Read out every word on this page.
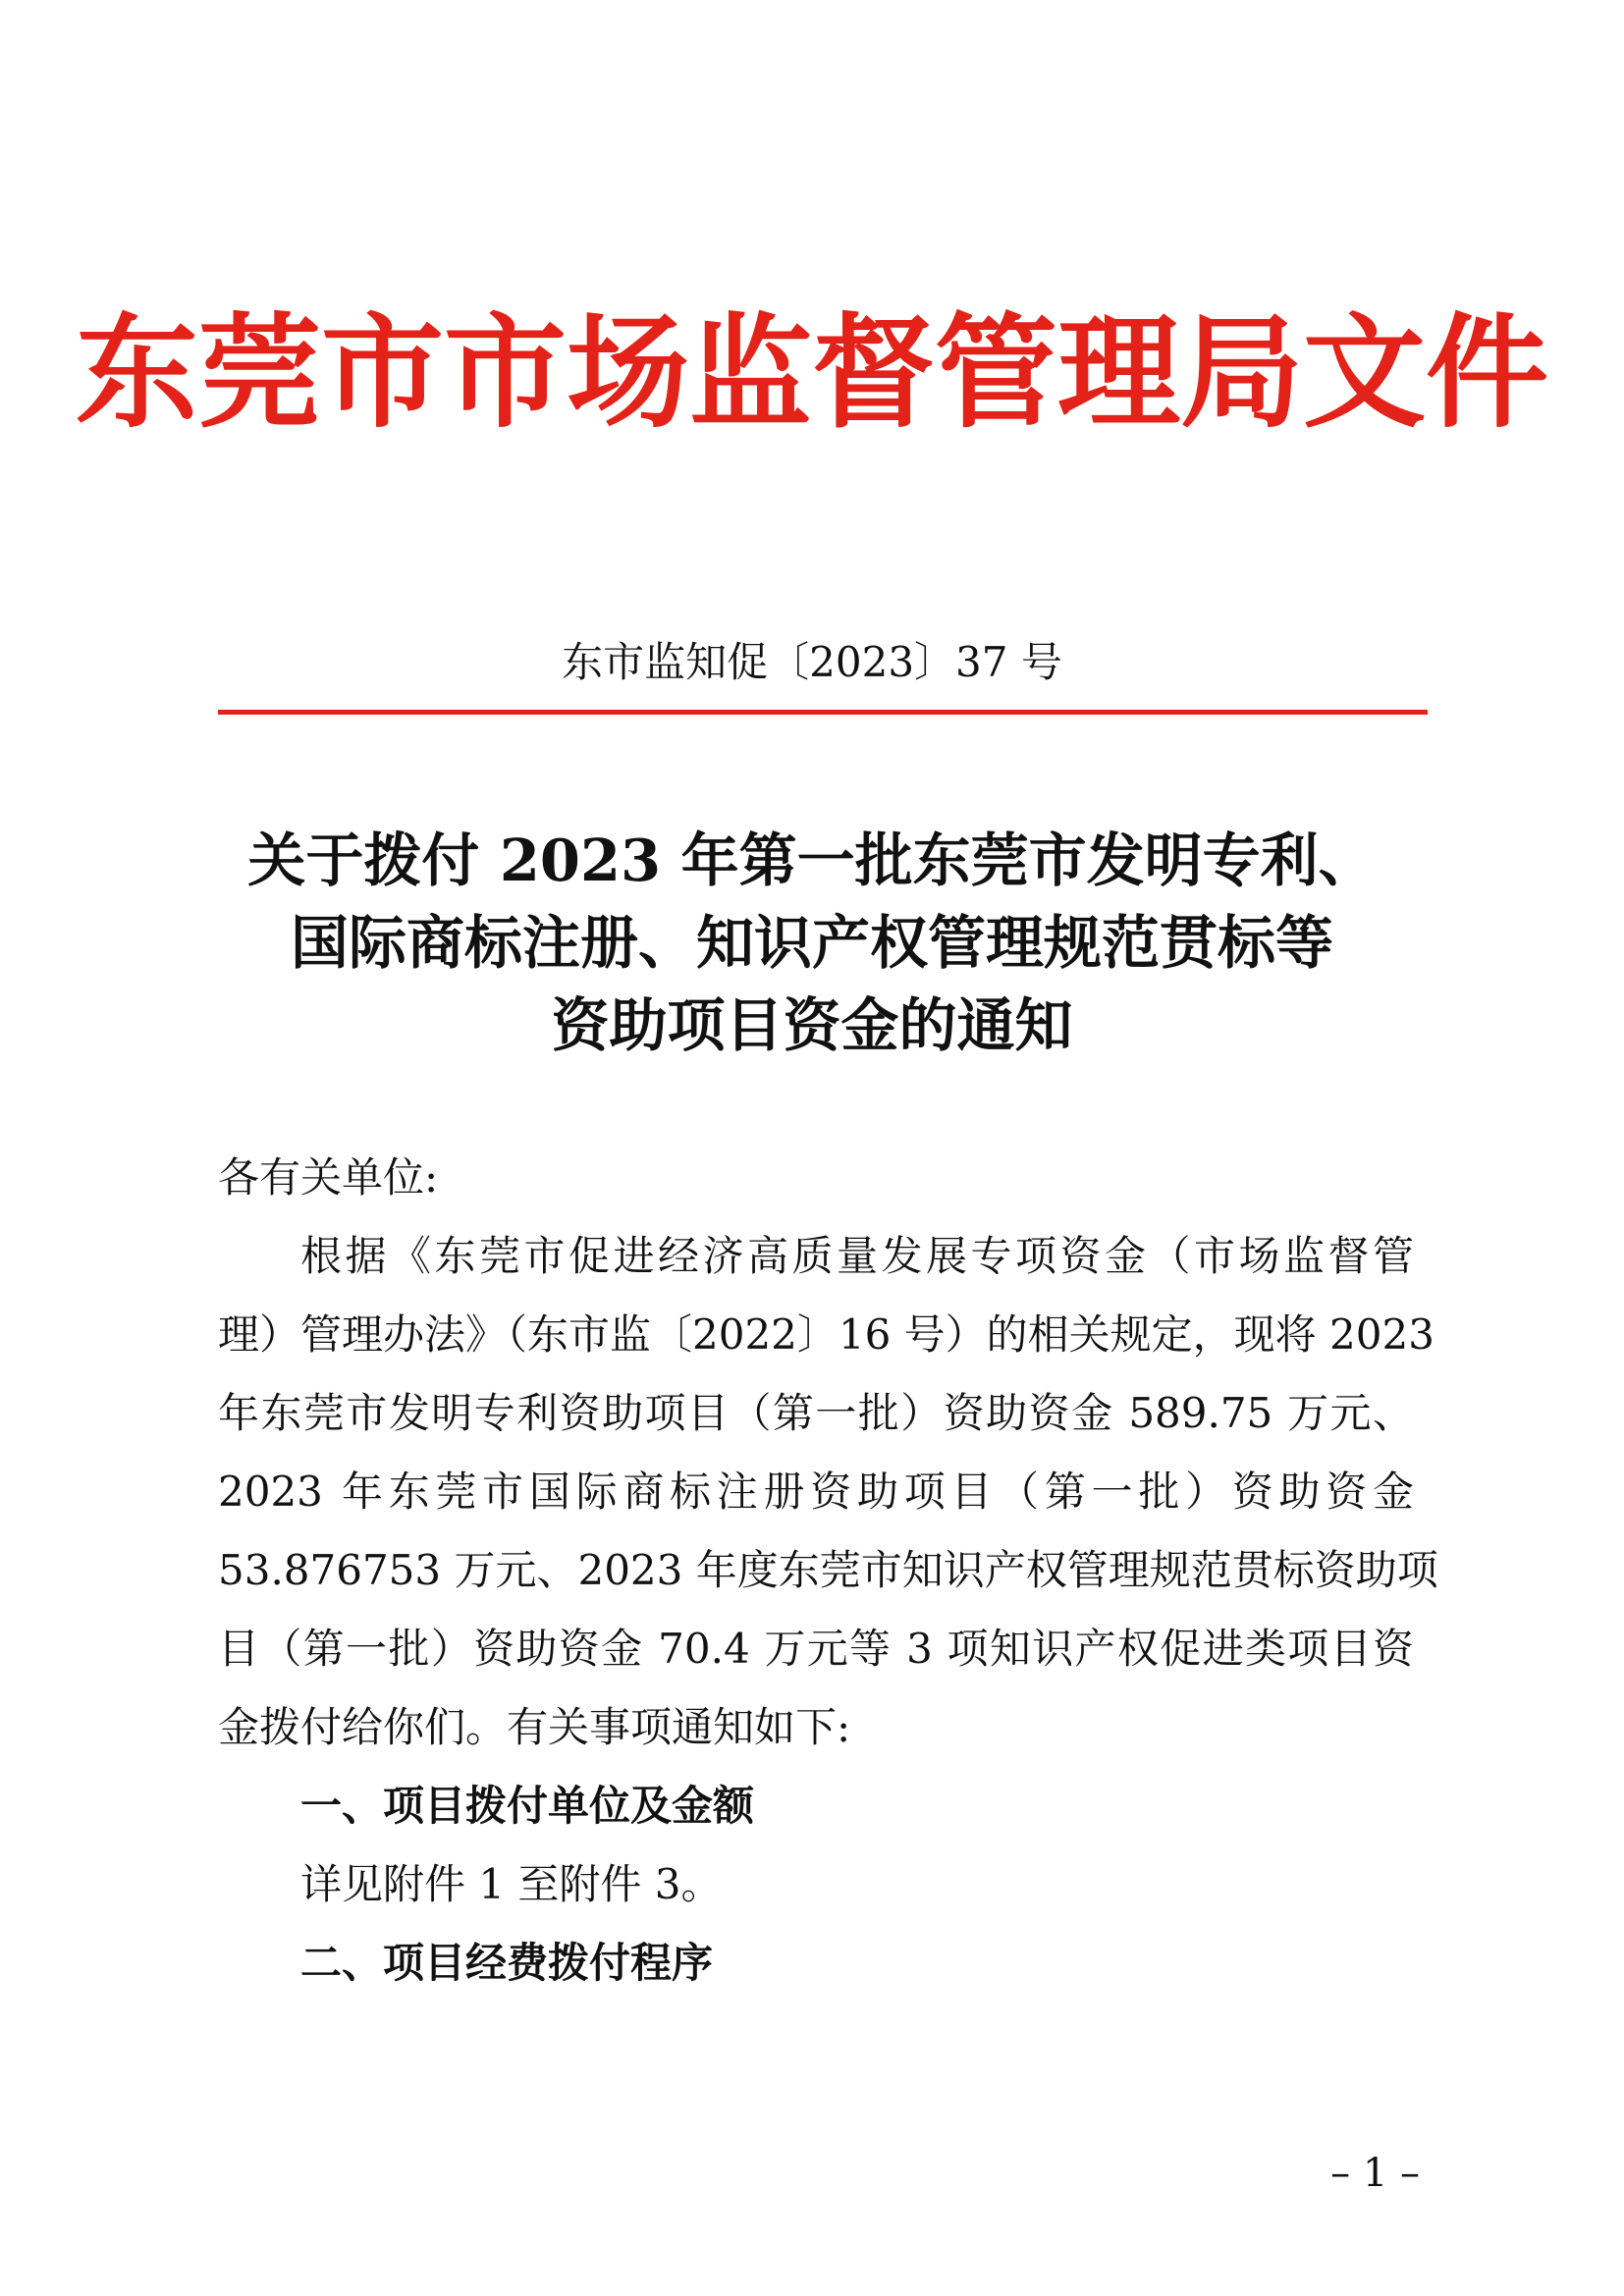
东莞市市场监督管理局文件
东市监知促〔2023〕37 号
关于拨付 2023 年第一批东莞市发明专利、
国际商标注册、知识产权管理规范贯标等
资助项目资金的通知
各有关单位:
根据《东莞市促进经济高质量发展专项资金（市场监督管
理）管理办法》（东市监〔2022〕16 号）的相关规定，现将 2023
年东莞市发明专利资助项目（第一批）资助资金 589.75 万元、
2023 年东莞市国际商标注册资助项目（第一批）资助资金
53.876753 万元、2023 年度东莞市知识产权管理规范贯标资助项
目（第一批）资助资金 70.4 万元等 3 项知识产权促进类项目资
金拨付给你们。有关事项通知如下:
一、项目拨付单位及金额
详见附件 1 至附件 3。
二、项目经费拨付程序
– 1 –
